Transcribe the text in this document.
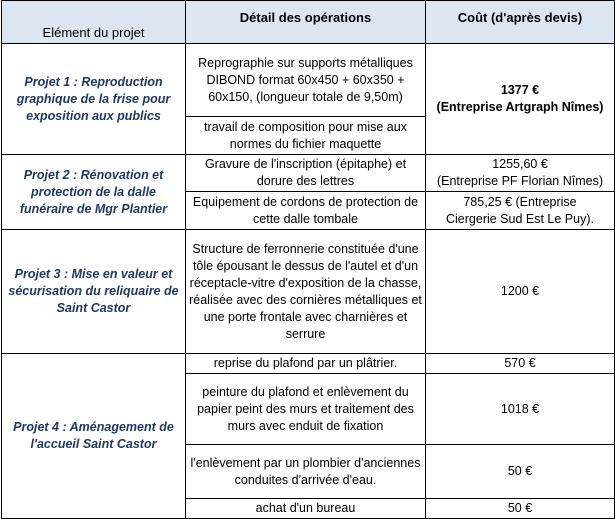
Elément du projet	Détail des opérations	Coût (d'après devis)
Projet 1 : Reproduction graphique de la frise pour exposition aux publics	Reprographie sur supports métalliques DIBOND format 60x450 + 60x350 + 60x150, (longueur totale de 9,50m)	1377 €
(Entreprise Artgraph Nîmes)

	travail de composition pour mise aux normes du fichier maquette	
Projet 2 : Rénovation et protection de la dalle funéraire de Mgr Plantier	Gravure de l'inscription (épitaphe) et dorure des lettres	1255,60 €
(Entreprise PF Florian Nîmes)

	Equipement de cordons de protection de cette dalle tombale	785,25 € (Entreprise
Ciergerie Sud Est Le Puy).

Projet 3 : Mise en valeur et sécurisation du reliquaire de Saint Castor	Structure de ferronnerie constituée d'une tôle épousant le dessus de l'autel et d'un réceptacle-vitre d'exposition de la chasse, réalisée avec des cornières métalliques et une porte frontale avec charnières et serrure	1200 €
Projet 4 : Aménagement de l'accueil Saint Castor	reprise du plafond par un plâtrier.	570 €
	peinture du plafond et enlèvement du papier peint des murs et traitement des murs avec enduit de fixation	1018 €
	l'enlèvement par un plombier d'anciennes conduites d'arrivée d'eau.	50 €
	achat d'un bureau	50 €
